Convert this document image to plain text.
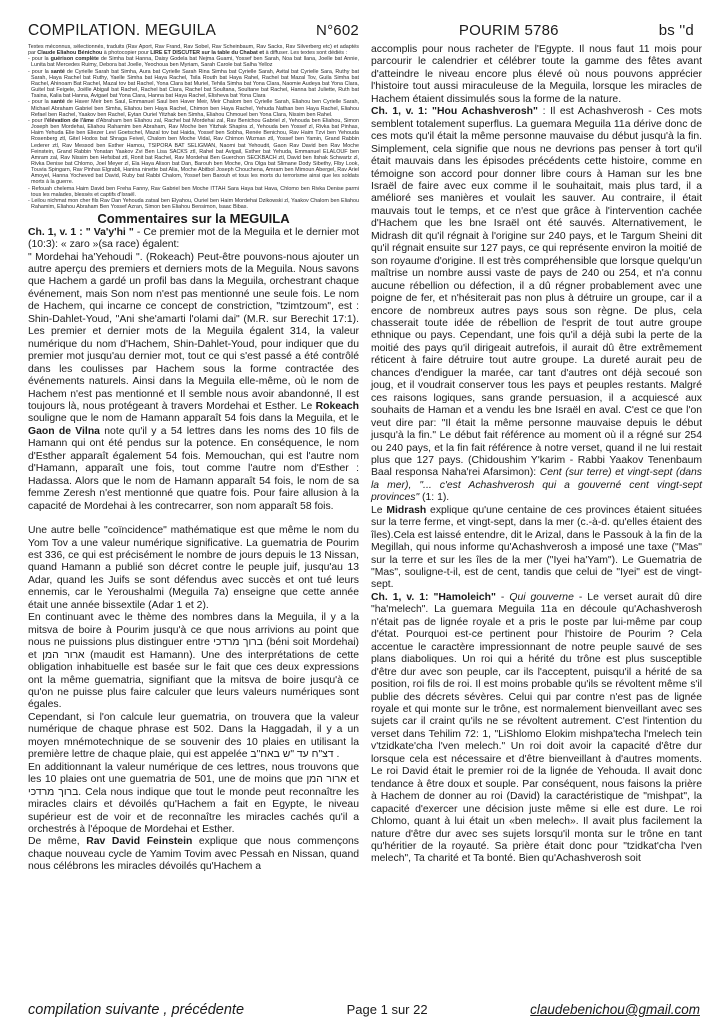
COMPILATION. MEGUILA	N°602	POURIM 5786	bs ''d

Textes méconnus, sélectionnés, traduits (Rav Aport, Rav Frand, Rav Sobel, Rav Scheinbaum, Rav Sacks, Rav Silverberg etc) et adaptés par Claude Eliahou Bénichou à photocopier pour LIRE ET DISCUTER sur la table du Chabat et à diffuser. Les textes sont dédiés :

- pour la guérison complète de Simha bat Hanna, Daisy Godela bat Nejma Guami, Yossef ben Sarah, Noa bat Ilana, Joelle bat Annie, Lunita bat Mercedes Ruimy, Debora bat Joelle, Yeochoua ben Myriam, Sarah Carole bat Salha Yelloz

- pour la santé de Cyrielle Sarah bat Simha, Aura bat Cyrielle Sarah Rina Simha bat Cyrielle Sarah, Avital bat Cyrielle Sara, Ruthy bat Sarah, Haya Rachel bat Ruthy, Yaelle Simha bat Haya Rachel, Tsila Routh bat Haya Rahel, Rachel bat Mazal Tov, Guila Simha bat Rachel, Ahinoam Bat Rachel, Mazal tov bat Rachel, Yona Clara bat Muriel, Tehila Simha bat Yona Clara, Naomie Audeya bat Yona Clara, Guitel bat Feigele, Joëlle Abigail bat Rachel, Rachel bat Clara, Rachel bat Soultana, Soultane bat Rachel, Hanna bat Juliette, Ruth bat Tsaina, Kalia bat Hanna, Avigael bat Yona Clara, Hanna bat Haya Rachel, Elisheva bat Yona Clara

- pour la santé de Haver Meir ben Saul, Emmanuel Saul ben Haver Meir, Meir Chalom ben Cyrielle Sarah, Eliahou ben Cyrielle Sarah, Michael Abraham Gabriel ben Simha, Eliahou ben Haya Rachel, Chimon ben Haya Rachel, Yehuda Nathan ben Haya Rachel, Eliahou Refael ben Rachel, Yaakov ben Rachel, Eytan Ouriel Yitzhak ben Simha, Eliahou Chmouel ben Yona Clara, Nissim ben Rahel.

- pour l'élévation de l'âme d'Abraham ben Eliahou zal, Rachel bat Mordehai zal, Rav Benichou Gabriel zl, Yehouda ben Eliahou, Simon Joseph ben Mordehai, Eliahou Rahamim ben Abraham, Rav Moche ben Yitzhak Shapira zl, Yehouda ben Yossef zl, Rivka bat Pinhas, Haim Yehuda Elie ben Eliezer Levi Goetschel, Mazal tov bat Haida, Yossef ben Sobha, Renée Benichou, Rav Haim Tzvi ben Yehouda Rosenberg ztl, Gitel Hodos bat Shraga Feivel, Chalom ben Moche Vidal, Rav Chimon Wizman ztl, Yossef ben Yamin, Grand Rabbin Lederer ztl, Rav Messod ben Esther Hamou, TSIPORA BAT SELIGMAN, Naomi bat Yehoudit, Gaon Rav David ben Rav Moche Feinstein, Grand Rabbin Yonatan Yaakov Zvi Ben Lisa SACKS ztl, Rahel bat Avigail, Esther bat Yehuda, Emmanuel ELALOUF ben Amram zal, Rav Nissim ben Hefsibat ztl, Ronit bat Rachel, Rav Mordehai Ben Guerchon SECKBACH ztl, David ben Itshak Schwartz zl, Rivka Denise bat Chlomo, Joel Meyer zl, Ela Haya Alison bat Dan, Barouh ben Moche, Ora Olga bat Slimane Dody Sibethy, Flby Look, Touvia Spingarn, Rav Pinhas Elgrabli, Hanina ninette bat Alia, Moche Abitbol Joseph Chouchena, Amram ben Mimoun Abergel, Rav Ariel Amoyel, Hanna Yocheved bat David, Ruby bat Rabbi Chalom, Yossef ben Barouh et tous les morts du terrorisme ainsi que les soldats morts à la guerre.

- Refouah chelema Haim David ben Freha Fanny, Rav Gabriel ben Moche ITTAH Sara Haya bat Hava, Chlomo ben Rivka Denise parmi tous les malades, blessés et captifs d'Israël.

- Leilou nichmat mon cher fils Rav Dan Yehouda zatsal ben Elyahou, Ouriel ben Haim Mordehai Dzikowski zl, Yaakov Chalom ben Eliahou Rahamim, Eliahou Abraham Ben Yossef Azran, Simon ben Eliahou Bensimon, Isaac Bibas.

Commentaires sur la MEGUILA

Ch. 1, v. 1 : " Va'y'hi " - Ce premier mot de la Meguila et le dernier mot (10:3): « zaro »(sa race) égalent:

" Mordehai ha'Yehoudi ". (Rokeach) Peut-être pouvons-nous ajouter un autre aperçu des premiers et derniers mots de la Meguila. Nous savons que Hachem a gardé un profil bas dans la Meguila, orchestrant chaque événement, mais Son nom n'est pas mentionné une seule fois. Le nom de Hachem, qui incarne ce concept de constriction, "tzimtzoum", est : Shin-Dahlet-Youd, "Ani she'amarti l'olami dai" (M.R. sur Berechit 17:1). Les premier et dernier mots de la Meguila égalent 314, la valeur numérique du nom d'Hachem, Shin-Dahlet-Youd, pour indiquer que du premier mot jusqu'au dernier mot, tout ce qui s'est passé a été contrôlé dans les coulisses par Hachem sous la forme contractée des événements naturels. Ainsi dans la Meguila elle-même, où le nom de Hachem n'est pas mentionné et Il semble nous avoir abandonné, Il est toujours là, nous protégeant à travers Mordehai et Esther. Le Rokeach souligne que le nom de Hamann apparaît 54 fois dans la Meguila, et le Gaon de Vilna note qu'il y a 54 lettres dans les noms des 10 fils de Hamann qui ont été pendus sur la potence. En conséquence, le nom d'Esther apparaît également 54 fois. Memouchan, qui est l'autre nom d'Hamann, apparaît une fois, tout comme l'autre nom d'Esther : Hadassa. Alors que le nom de Hamann apparaît 54 fois, le nom de sa femme Zeresh n'est mentionné que quatre fois. Pour faire allusion à la capacité de Mordehai à les contrecarrer, son nom apparaît 58 fois.

Une autre belle "coïncidence" mathématique est que même le nom du Yom Tov a une valeur numérique significative. La guematria de Pourim est 336, ce qui est précisément le nombre de jours depuis le 13 Nissan, quand Hamann a publié son décret contre le peuple juif, jusqu'au 13 Adar, quand les Juifs se sont défendus avec succès et ont tué leurs ennemis, car le Yeroushalmi (Meguila 7a) enseigne que cette année était une année bissextile (Adar 1 et 2).

En continuant avec le thème des nombres dans la Meguila, il y a la mitsva de boire à Pourim jusqu'à ce que nous arrivions au point que nous ne puissions plus distinguer entre ברוך מרדכי (béni soit Mordehai) et ארור המן (maudit est Hamann). Une des interprétations de cette obligation inhabituelle est basée sur le fait que ces deux expressions ont la même guematria, signifiant que la mitsva de boire jusqu'à ce qu'on ne puisse plus faire calculer que leurs valeurs numériques sont égales.

Cependant, si l'on calcule leur guematria, on trouvera que la valeur numérique de chaque phrase est 502. Dans la Haggadah, il y a un moyen mnémotechnique de se souvenir des 10 plaies en utilisant la première lettre de chaque plaie, qui est appelée דצ"ח עד "ש באח"ב .

En additionnant la valeur numérique de ces lettres, nous trouvons que les 10 plaies ont une guematria de 501, une de moins que ארור המן et ברוך מרדכי. Cela nous indique que tout le monde peut reconnaître les miracles clairs et dévoilés qu'Hachem a fait en Egypte, le niveau supérieur est de voir et de reconnaître les miracles cachés qu'il a orchestrés à l'époque de Mordehai et Esther.

De même, Rav David Feinstein explique que nous commençons chaque nouveau cycle de Yamim Tovim avec Pessah en Nissan, quand nous célébrons les miracles dévoilés qu'Hachem a

accomplis pour nous racheter de l'Egypte. Il nous faut 11 mois pour parcourir le calendrier et célébrer toute la gamme des fêtes avant d'atteindre le niveau encore plus élevé où nous pouvons apprécier l'histoire tout aussi miraculeuse de la Meguila, lorsque les miracles de Hachem étaient dissimulés sous la forme de la nature.

Ch. 1, v. 1: "Hou Achashverosh" : Il est Achashverosh - Ces mots semblent totalement superflus. La guemara Meguila 11a dérive donc de ces mots qu'il était la même personne mauvaise du début jusqu'à la fin. Simplement, cela signifie que nous ne devrions pas penser à tort qu'il était mauvais dans les épisodes précédents cette histoire, comme en témoigne son accord pour donner libre cours à Haman sur les bne Israël de faire avec eux comme il le souhaitait, mais plus tard, il a amélioré ses manières et voulait les sauver. Au contraire, il était mauvais tout le temps, et ce n'est que grâce à l'intervention cachée d'Hachem que les bne Israël ont été sauvés. Alternativement, le Midrash dit qu'il régnait à l'origine sur 240 pays, et le Targum Sheini dit qu'il régnait ensuite sur 127 pays, ce qui représente environ la moitié de son royaume d'origine. Il est très compréhensible que lorsque quelqu'un maîtrise un nombre aussi vaste de pays de 240 ou 254, et n'a connu aucune rébellion ou défection, il a dû régner probablement avec une poigne de fer, et n'hésiterait pas non plus à détruire un groupe, car il a encore de nombreux autres pays sous son règne. De plus, cela chasserait toute idée de rébellion de l'esprit de tout autre groupe ethnique ou pays. Cependant, une fois qu'il a déjà subi la perte de la moitié des pays qu'il dirigeait autrefois, il aurait dû être extrêmement réticent à faire détruire tout autre groupe. La dureté aurait peu de chances d'endiguer la marée, car tant d'autres ont déjà secoué son joug, et il voudrait conserver tous les pays et peuples restants. Malgré ces raisons logiques, sans grande persuasion, il a acquiescé aux souhaits de Haman et a vendu les bne Israël en aval. C'est ce que l'on veut dire par: "Il était la même personne mauvaise depuis le début jusqu'à la fin." Le début fait référence au moment où il a régné sur 254 ou 240 pays, et la fin fait référence à notre verset, quand il ne lui restait plus que 127 pays. (Chidoushim Y'karim - Rabbi Yaakov Tenenbaum Baal responsa Naha'rei Afarsimon): Cent (sur terre) et vingt-sept (dans la mer), "... c'est Achashverosh qui a gouverné cent vingt-sept provinces" (1: 1).

Le Midrash explique qu'une centaine de ces provinces étaient situées sur la terre ferme, et vingt-sept, dans la mer (c.-à-d. qu'elles étaient des îles).Cela est laissé entendre, dit le Arizal, dans le Passouk à la fin de la Megillah, qui nous informe qu'Achashverosh a imposé une taxe ("Mas" sur la terre et sur les îles de la mer ("Iyei ha'Yam"). Le Guematria de "Mas", souligne-t-il, est de cent, tandis que celui de "Iyei" est de vingt-sept.

Ch. 1, v. 1: "Hamoleich" - Qui gouverne - Le verset aurait dû dire "ha'melech". La guemara Meguila 11a en découle qu'Achashverosh n'était pas de lignée royale et a pris le poste par lui-même par coup d'état. Pourquoi est-ce pertinent pour l'histoire de Pourim ? Cela accentue le caractère impressionnant de notre peuple sauvé de ses plans diaboliques. Un roi qui a hérité du trône est plus susceptible d'être dur avec son peuple, car ils l'acceptent, puisqu'il a hérité de sa position, roi fils de roi. Il est moins probable qu'ils se révoltent même s'il publie des décrets sévères. Celui qui par contre n'est pas de lignée royale et qui monte sur le trône, est normalement bienveillant avec ses sujets car il craint qu'ils ne se révoltent autrement. C'est l'intention du verset dans Tehilim 72: 1, "LiShlomo Elokim mishpa'techa l'melech tein v'tzidkate'cha l'ven melech." Un roi doit avoir la capacité d'être dur lorsque cela est nécessaire et d'être bienveillant à d'autres moments. Le roi David était le premier roi de la lignée de Yehouda. Il avait donc tendance à être doux et souple. Par conséquent, nous faisons la prière à Hachem de donner au roi (David) la caractéristique de "mishpat", la capacité d'exercer une décision juste même si elle est dure. Le roi Chlomo, quant à lui était un «ben melech». Il avait plus facilement la nature d'être dur avec ses sujets lorsqu'il monta sur le trône en tant qu'héritier de la royauté. Sa prière était donc pour "tzidkat'cha l'ven melech", Ta charité et Ta bonté. Bien qu'Achashverosh soit

compilation suivante , précédente	Page 1 sur 22	claudebenichou@gmail.com
